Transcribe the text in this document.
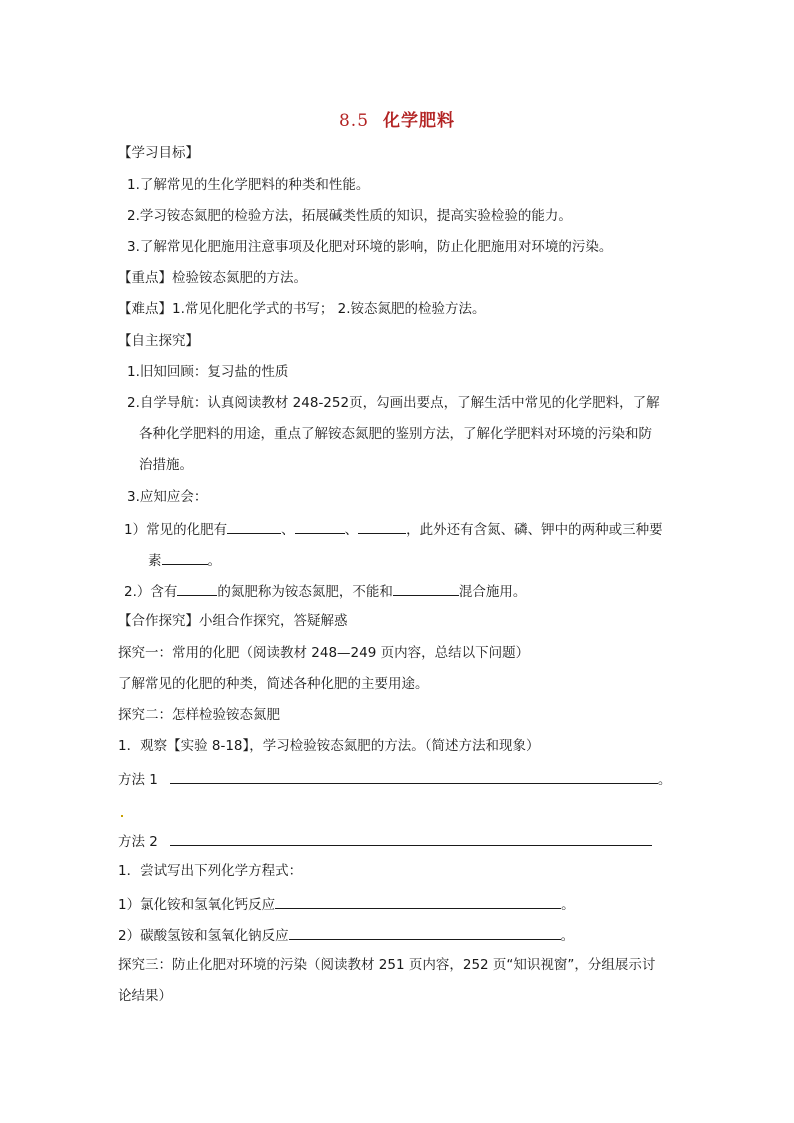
8.5 化学肥料
【学习目标】
1.了解常见的生化学肥料的种类和性能。
2.学习铵态氮肥的检验方法，拓展碱类性质的知识，提高实验检验的能力。
3.了解常见化肥施用注意事项及化肥对环境的影响，防止化肥施用对环境的污染。
【重点】检验铵态氮肥的方法。
【难点】1.常见化肥化学式的书写； 2.铵态氮肥的检验方法。
【自主探究】
1.旧知回顾：复习盐的性质
2.自学导航：认真阅读教材 248-252页，勾画出要点，了解生活中常见的化学肥料，了解
各种化学肥料的用途，重点了解铵态氮肥的鉴别方法，了解化学肥料对环境的污染和防
治措施。
3.应知应会：
1）常见的化肥有	、	、	，此外还有含氮、磷、钾中的两种或三种要
素	。
2.）含有	的氮肥称为铵态氮肥，不能和	混合施用。
【合作探究】小组合作探究，答疑解惑
探究一：常用的化肥（阅读教材 248—249 页内容，总结以下问题）
了解常见的化肥的种类，简述各种化肥的主要用途。
探究二：怎样检验铵态氮肥
1．观察【实验 8-18】，学习检验铵态氮肥的方法。（简述方法和现象）
方法 1	。
方法 2
1．尝试写出下列化学方程式：
1）氯化铵和氢氧化钙反应	。
2）碳酸氢铵和氢氧化钠反应	。
探究三：防止化肥对环境的污染（阅读教材 251 页内容，252 页“知识视窗”，分组展示讨
论结果）
